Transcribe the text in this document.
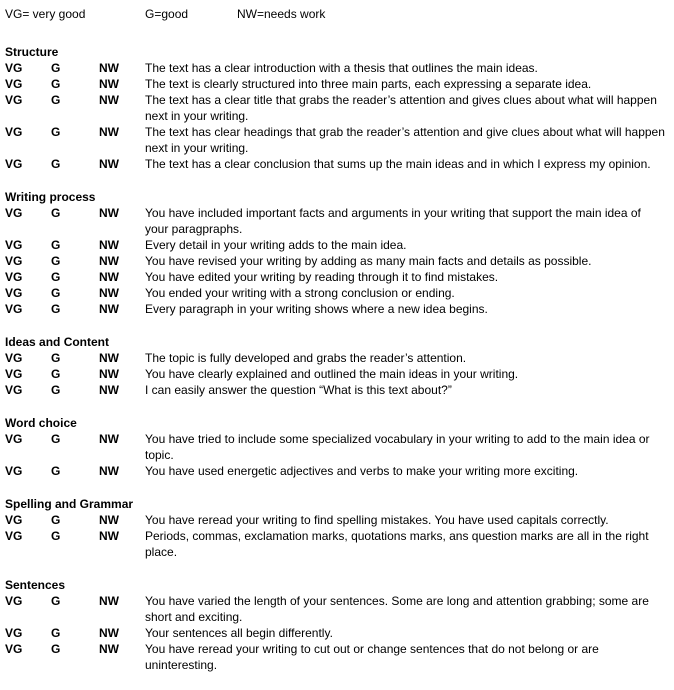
VG= very good	G=good	NW=needs work
Structure
VG G	NW The text has a clear introduction with a thesis that outlines the main ideas.
VG G	NW The text is clearly structured into three main parts, each expressing a separate idea.
VG G	NW The text has a clear title that grabs the reader’s attention and gives clues about what will happen next in your writing.
VG G	NW The text has clear headings that grab the reader’s attention and give clues about what will happen next in your writing.
VG G	NW The text has a clear conclusion that sums up the main ideas and in which I express my opinion.
Writing process
VG G	NW You have included important facts and arguments in your writing that support the main idea of your paragpraphs.
VG G	NW Every detail in your writing adds to the main idea.
VG G	NW You have revised your writing by adding as many main facts and details as possible.
VG G	NW You have edited your writing by reading through it to find mistakes.
VG G	NW You ended your writing with a strong conclusion or ending.
VG G	NW Every paragraph in your writing shows where a new idea begins.
Ideas and Content
VG G	NW The topic is fully developed and grabs the reader’s attention.
VG G	NW You have clearly explained and outlined the main ideas in your writing.
VG G	NW I can easily answer the question “What is this text about?”
Word choice
VG G	NW You have tried to include some specialized vocabulary in your writing to add to the main idea or topic.
VG G	NW You have used energetic adjectives and verbs to make your writing more exciting.
Spelling and Grammar
VG G	NW You have reread your writing to find spelling mistakes. You have used capitals correctly.
VG G	NW Periods, commas, exclamation marks, quotations marks, ans question marks are all in the right place.
Sentences
VG G	NW You have varied the length of your sentences. Some are long and attention grabbing; some are short and exciting.
VG G	NW Your sentences all begin differently.
VG G	NW You have reread your writing to cut out or change sentences that do not belong or are uninteresting.
